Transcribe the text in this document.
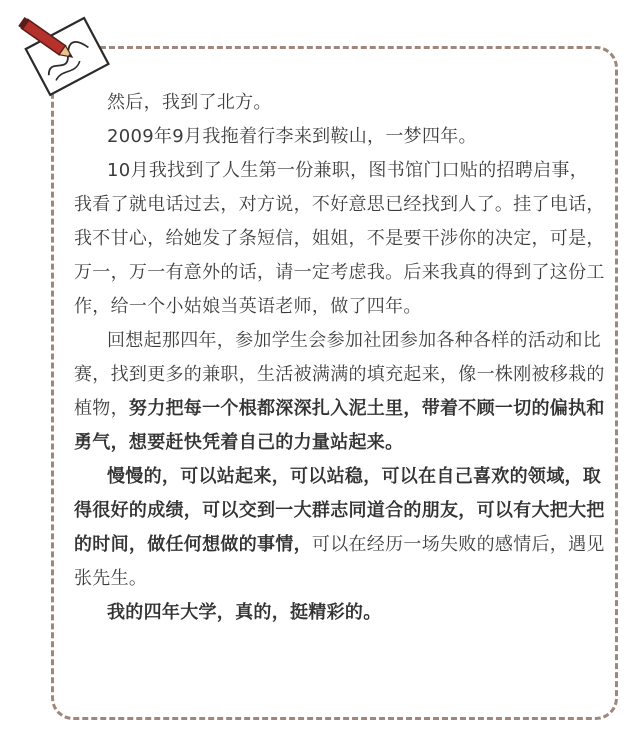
然后，我到了北方。

2009年9月我拖着行李来到鞍山，一梦四年。

10月我找到了人生第一份兼职，图书馆门口贴的招聘启事，我看了就电话过去，对方说，不好意思已经找到人了。挂了电话，我不甘心，给她发了条短信，姐姐，不是要干涉你的决定，可是，万一，万一有意外的话，请一定考虑我。后来我真的得到了这份工作，给一个小姑娘当英语老师，做了四年。

回想起那四年，参加学生会参加社团参加各种各样的活动和比赛，找到更多的兼职，生活被满满的填充起来，像一株刚被移栽的植物，努力把每一个根都深深扎入泥土里，带着不顾一切的偏执和勇气，想要赶快凭着自己的力量站起来。

慢慢的，可以站起来，可以站稳，可以在自己喜欢的领域，取得很好的成绩，可以交到一大群志同道合的朋友，可以有大把大把的时间，做任何想做的事情，可以在经历一场失败的感情后，遇见张先生。

我的四年大学，真的，挺精彩的。
